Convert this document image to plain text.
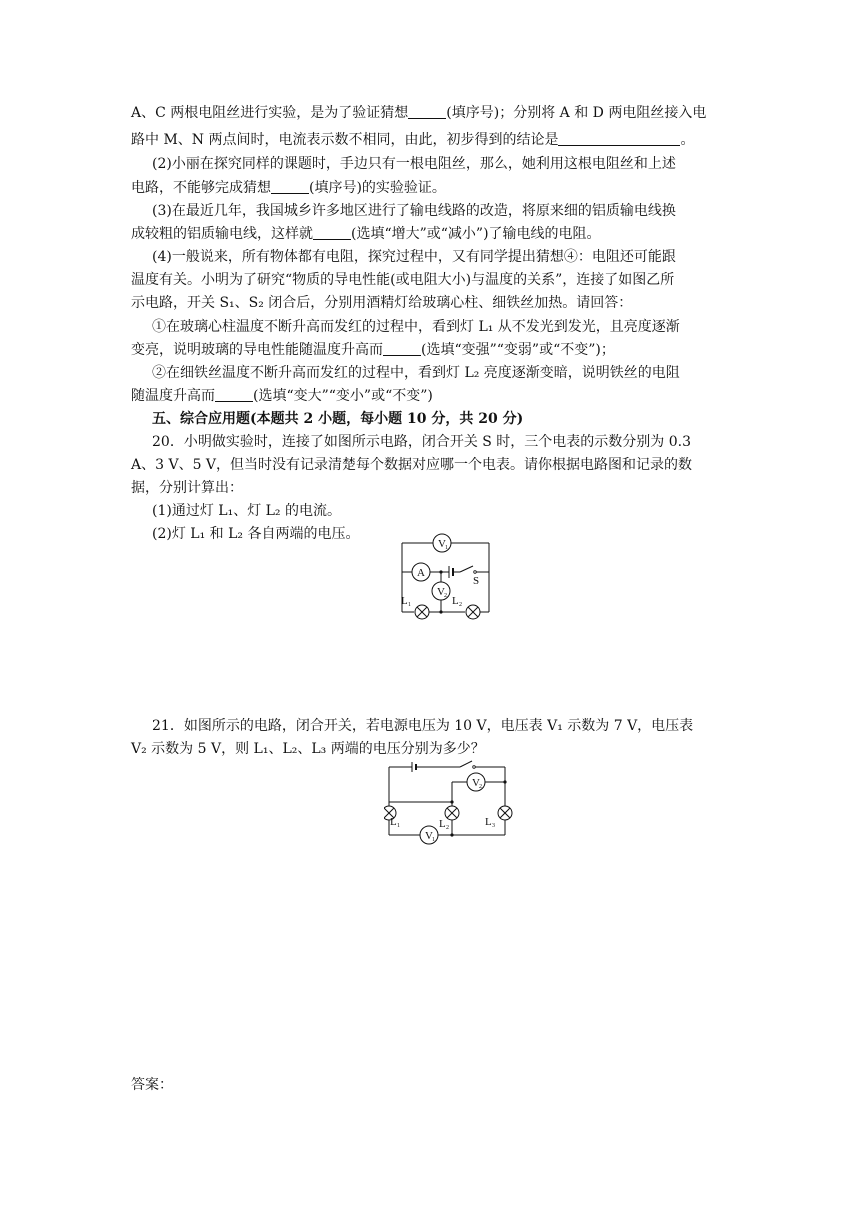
A、C 两根电阻丝进行实验，是为了验证猜想	(填序号)；分别将 A 和 D 两电阻丝接入电
路中 M、N 两点间时，电流表示数不相同，由此，初步得到的结论是	。
(2)小丽在探究同样的课题时，手边只有一根电阻丝，那么，她利用这根电阻丝和上述
电路，不能够完成猜想	(填序号)的实验验证。
(3)在最近几年，我国城乡许多地区进行了输电线路的改造，将原来细的铝质输电线换
成较粗的铝质输电线，这样就	(选填“增大”或“减小”)了输电线的电阻。
(4)一般说来，所有物体都有电阻，探究过程中，又有同学提出猜想④：电阻还可能跟
温度有关。小明为了研究“物质的导电性能(或电阻大小)与温度的关系”，连接了如图乙所
示电路，开关 S₁、S₂ 闭合后，分别用酒精灯给玻璃心柱、细铁丝加热。请回答：
①在玻璃心柱温度不断升高而发红的过程中，看到灯 L₁ 从不发光到发光，且亮度逐渐
变亮，说明玻璃的导电性能随温度升高而	(选填“变强”“变弱”或“不变”)；
②在细铁丝温度不断升高而发红的过程中，看到灯 L₂ 亮度逐渐变暗，说明铁丝的电阻
随温度升高而	(选填“变大”“变小”或“不变”)
五、综合应用题(本题共 2 小题，每小题 10 分，共 20 分)
20．小明做实验时，连接了如图所示电路，闭合开关 S 时，三个电表的示数分别为 0.3
A、3 V、5 V，但当时没有记录清楚每个数据对应哪一个电表。请你根据电路图和记录的数
据，分别计算出：
(1)通过灯 L₁、灯 L₂ 的电流。
(2)灯 L₁ 和 L₂ 各自两端的电压。
V 1
A
V 2
S
L 1	L 2
21．如图所示的电路，闭合开关，若电源电压为 10 V，电压表 V₁ 示数为 7 V，电压表
V₂ 示数为 5 V，则 L₁、L₂、L₃ 两端的电压分别为多少？
V 2
V 1
L 1	L 2	L 3
答案：
